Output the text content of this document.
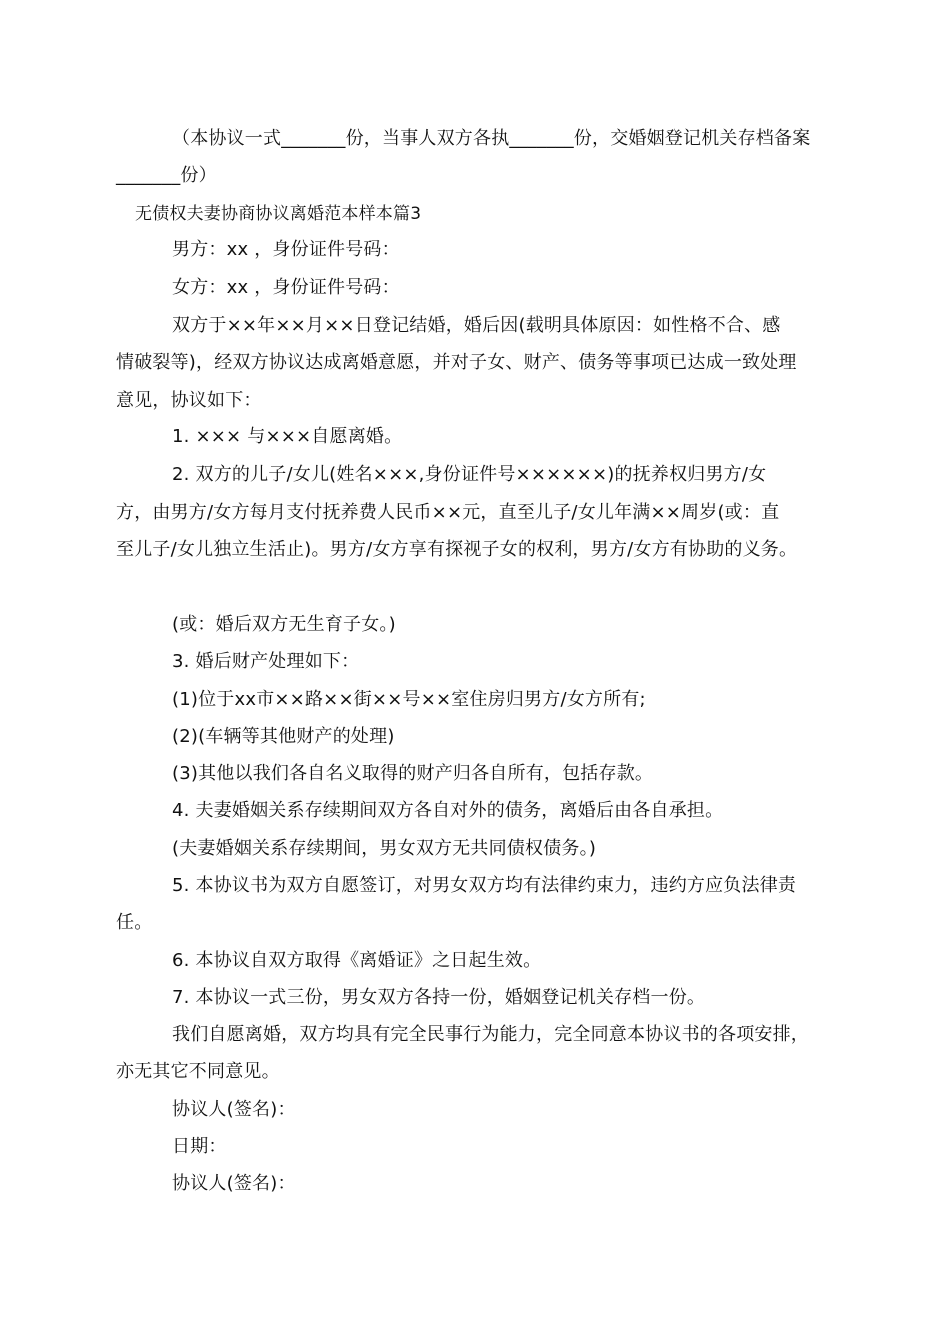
（本协议一式_______份，当事人双方各执_______份，交婚姻登记机关存档备案
_______份）
无债权夫妻协商协议离婚范本样本篇3
男方：xx ，身份证件号码：
女方：xx ，身份证件号码：
双方于××年××月××日登记结婚，婚后因(载明具体原因：如性格不合、感
情破裂等)，经双方协议达成离婚意愿，并对子女、财产、债务等事项已达成一致处理
意见，协议如下：
1. ××× 与×××自愿离婚。
2. 双方的儿子/女儿(姓名×××,身份证件号××××××)的抚养权归男方/女
方，由男方/女方每月支付抚养费人民币××元，直至儿子/女儿年满××周岁(或：直
至儿子/女儿独立生活止)。男方/女方享有探视子女的权利，男方/女方有协助的义务。
(或：婚后双方无生育子女。)
3. 婚后财产处理如下：
(1)位于xx市××路××街××号××室住房归男方/女方所有;
(2)(车辆等其他财产的处理)
(3)其他以我们各自名义取得的财产归各自所有，包括存款。
4. 夫妻婚姻关系存续期间双方各自对外的债务，离婚后由各自承担。
(夫妻婚姻关系存续期间，男女双方无共同债权债务。)
5. 本协议书为双方自愿签订，对男女双方均有法律约束力，违约方应负法律责
任。
6. 本协议自双方取得《离婚证》之日起生效。
7. 本协议一式三份，男女双方各持一份，婚姻登记机关存档一份。
我们自愿离婚，双方均具有完全民事行为能力，完全同意本协议书的各项安排，
亦无其它不同意见。
协议人(签名)：
日期：
协议人(签名)：
